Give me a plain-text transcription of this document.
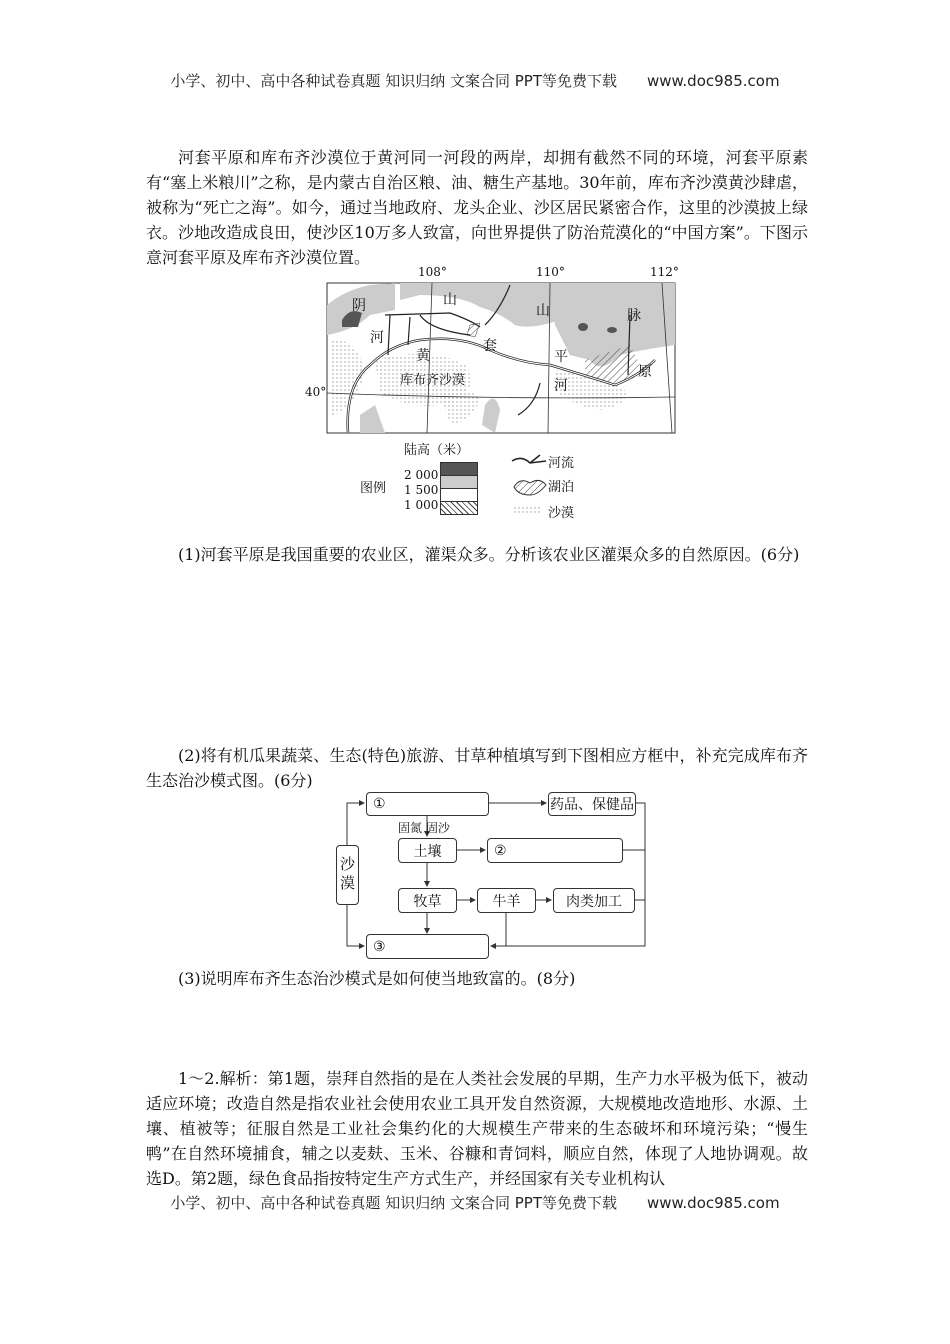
小学、初中、高中各种试卷真题 知识归纳 文案合同 PPT等免费下载 www.doc985.com
河套平原和库布齐沙漠位于黄河同一河段的两岸，却拥有截然不同的环境，河套平原素有“塞上米粮川”之称，是内蒙古自治区粮、油、糖生产基地。30年前，库布齐沙漠黄沙肆虐，被称为“死亡之海”。如今，通过当地政府、龙头企业、沙区居民紧密合作，这里的沙漠披上绿衣。沙地改造成良田，使沙区10万多人致富，向世界提供了防治荒漠化的“中国方案”。下图示意河套平原及库布齐沙漠位置。
108°	110°	112°
40°
阴	山
山	脉
河	套
黄	平
原
河
库布齐沙漠
陆高（米）
图例
2 000
1 500
1 000
河流
湖泊
沙漠
(1)河套平原是我国重要的农业区，灌渠众多。分析该农业区灌渠众多的自然原因。(6分)
(2)将有机瓜果蔬菜、生态(特色)旅游、甘草种植填写到下图相应方框中，补充完成库布齐生态治沙模式图。(6分)
沙漠
①	药品、保健品
固氮 固沙
土壤	②
牧草	牛羊	肉类加工
③
(3)说明库布齐生态治沙模式是如何使当地致富的。(8分)
1～2.解析：第1题，崇拜自然指的是在人类社会发展的早期，生产力水平极为低下，被动适应环境；改造自然是指农业社会使用农业工具开发自然资源，大规模地改造地形、水源、土壤、植被等；征服自然是工业社会集约化的大规模生产带来的生态破坏和环境污染；“慢生鸭”在自然环境捕食，辅之以麦麸、玉米、谷糠和青饲料，顺应自然，体现了人地协调观。故选D。第2题，绿色食品指按特定生产方式生产，并经国家有关专业机构认
小学、初中、高中各种试卷真题 知识归纳 文案合同 PPT等免费下载 www.doc985.com
